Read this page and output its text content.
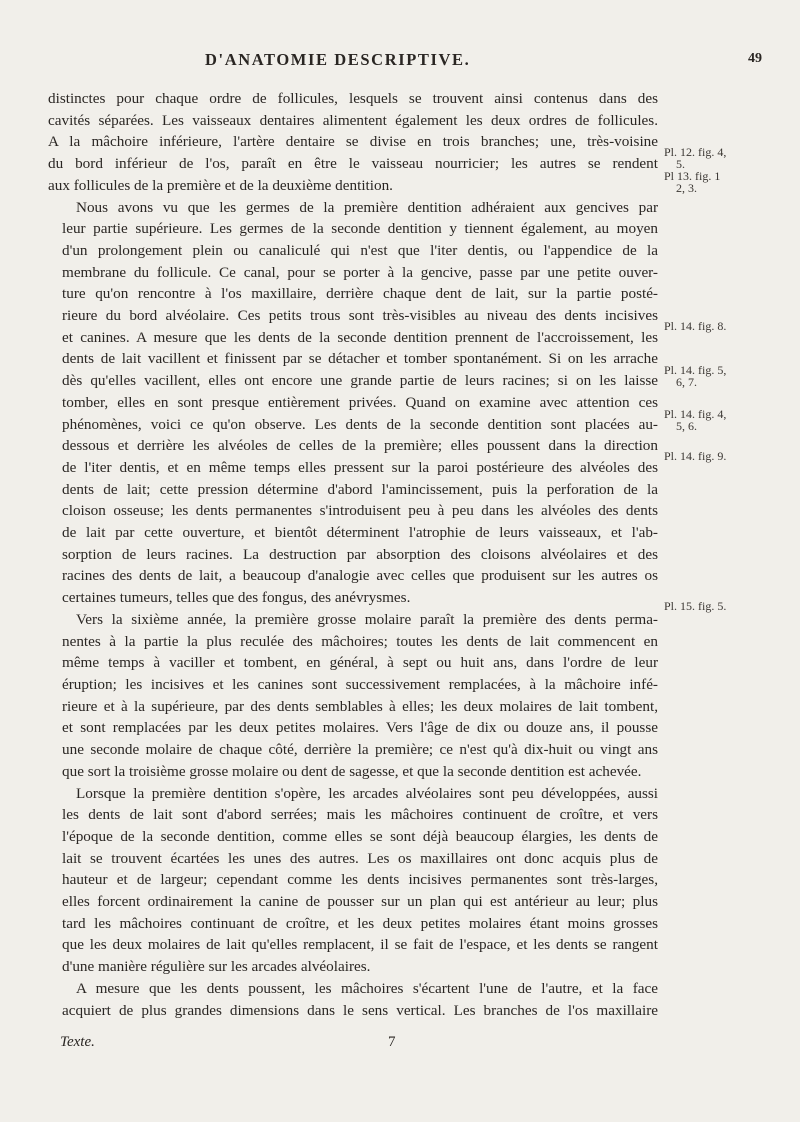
D'ANATOMIE DESCRIPTIVE.	49

distinctes pour chaque ordre de follicules, lesquels se trouvent ainsi contenus dans des
cavités séparées. Les vaisseaux dentaires alimentent également les deux ordres de follicules.
A la mâchoire inférieure, l'artère dentaire se divise en trois branches; une, très-voisine
du bord inférieur de l'os, paraît en être le vaisseau nourricier; les autres se rendent
aux follicules de la première et de la deuxième dentition.

Nous avons vu que les germes de la première dentition adhéraient aux gencives par
leur partie supérieure. Les germes de la seconde dentition y tiennent également, au moyen
d'un prolongement plein ou canaliculé qui n'est que l'iter dentis, ou l'appendice de la
membrane du follicule. Ce canal, pour se porter à la gencive, passe par une petite ouver-
ture qu'on rencontre à l'os maxillaire, derrière chaque dent de lait, sur la partie posté-
rieure du bord alvéolaire. Ces petits trous sont très-visibles au niveau des dents incisives
et canines. A mesure que les dents de la seconde dentition prennent de l'accroissement, les
dents de lait vacillent et finissent par se détacher et tomber spontanément. Si on les arrache
dès qu'elles vacillent, elles ont encore une grande partie de leurs racines; si on les laisse
tomber, elles en sont presque entièrement privées. Quand on examine avec attention ces
phénomènes, voici ce qu'on observe. Les dents de la seconde dentition sont placées au-
dessous et derrière les alvéoles de celles de la première; elles poussent dans la direction
de l'iter dentis, et en même temps elles pressent sur la paroi postérieure des alvéoles des
dents de lait; cette pression détermine d'abord l'amincissement, puis la perforation de la
cloison osseuse; les dents permanentes s'introduisent peu à peu dans les alvéoles des dents
de lait par cette ouverture, et bientôt déterminent l'atrophie de leurs vaisseaux, et l'ab-
sorption de leurs racines. La destruction par absorption des cloisons alvéolaires et des
racines des dents de lait, a beaucoup d'analogie avec celles que produisent sur les autres os
certaines tumeurs, telles que des fongus, des anévrysmes.

Vers la sixième année, la première grosse molaire paraît la première des dents perma-
nentes à la partie la plus reculée des mâchoires; toutes les dents de lait commencent en
même temps à vaciller et tombent, en général, à sept ou huit ans, dans l'ordre de leur
éruption; les incisives et les canines sont successivement remplacées, à la mâchoire infé-
rieure et à la supérieure, par des dents semblables à elles; les deux molaires de lait tombent,
et sont remplacées par les deux petites molaires. Vers l'âge de dix ou douze ans, il pousse
une seconde molaire de chaque côté, derrière la première; ce n'est qu'à dix-huit ou vingt ans
que sort la troisième grosse molaire ou dent de sagesse, et que la seconde dentition est achevée.

Lorsque la première dentition s'opère, les arcades alvéolaires sont peu développées, aussi
les dents de lait sont d'abord serrées; mais les mâchoires continuent de croître, et vers
l'époque de la seconde dentition, comme elles se sont déjà beaucoup élargies, les dents de
lait se trouvent écartées les unes des autres. Les os maxillaires ont donc acquis plus de
hauteur et de largeur; cependant comme les dents incisives permanentes sont très-larges,
elles forcent ordinairement la canine de pousser sur un plan qui est antérieur au leur; plus
tard les mâchoires continuant de croître, et les deux petites molaires étant moins grosses
que les deux molaires de lait qu'elles remplacent, il se fait de l'espace, et les dents se rangent
d'une manière régulière sur les arcades alvéolaires.

A mesure que les dents poussent, les mâchoires s'écartent l'une de l'autre, et la face
acquiert de plus grandes dimensions dans le sens vertical. Les branches de l'os maxillaire

Pl. 12. fig. 4,
5.
Pl 13. fig. 1
2, 3.
Pl. 14. fig. 8.
Pl. 14. fig. 5,
6, 7.
Pl. 14. fig. 4,
5, 6.
Pl. 14. fig. 9.
Pl. 15. fig. 5.
Texte.	7
